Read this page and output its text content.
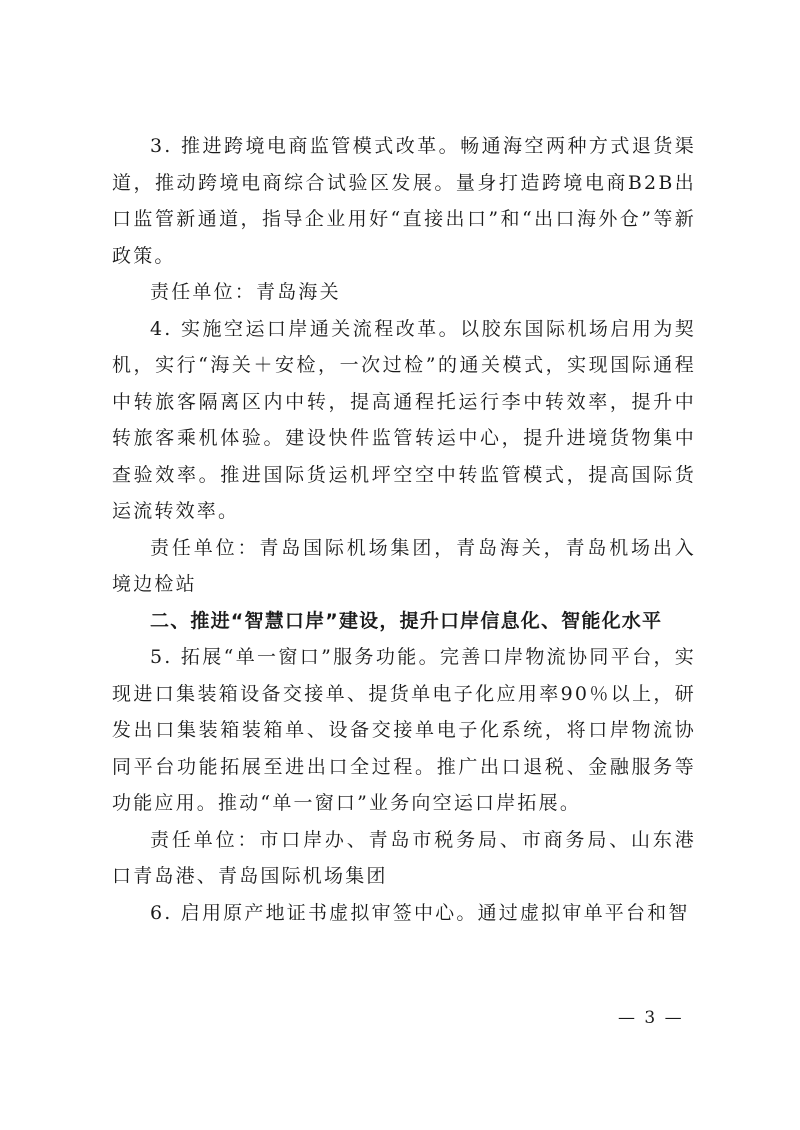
3. 推进跨境电商监管模式改革。畅通海空两种方式退货渠道，推动跨境电商综合试验区发展。量身打造跨境电商B2B出口监管新通道，指导企业用好“直接出口”和“出口海外仓”等新政策。

责任单位：青岛海关

4. 实施空运口岸通关流程改革。以胶东国际机场启用为契机，实行“海关＋安检，一次过检”的通关模式，实现国际通程中转旅客隔离区内中转，提高通程托运行李中转效率，提升中转旅客乘机体验。建设快件监管转运中心，提升进境货物集中查验效率。推进国际货运机坪空空中转监管模式，提高国际货运流转效率。

责任单位：青岛国际机场集团，青岛海关，青岛机场出入境边检站

二、推进“智慧口岸”建设，提升口岸信息化、智能化水平

5. 拓展“单一窗口”服务功能。完善口岸物流协同平台，实现进口集装箱设备交接单、提货单电子化应用率90％以上，研发出口集装箱装箱单、设备交接单电子化系统，将口岸物流协同平台功能拓展至进出口全过程。推广出口退税、金融服务等功能应用。推动“单一窗口”业务向空运口岸拓展。

责任单位：市口岸办、青岛市税务局、市商务局、山东港口青岛港、青岛国际机场集团

6. 启用原产地证书虚拟审签中心。通过虚拟审单平台和智

— 3 —
